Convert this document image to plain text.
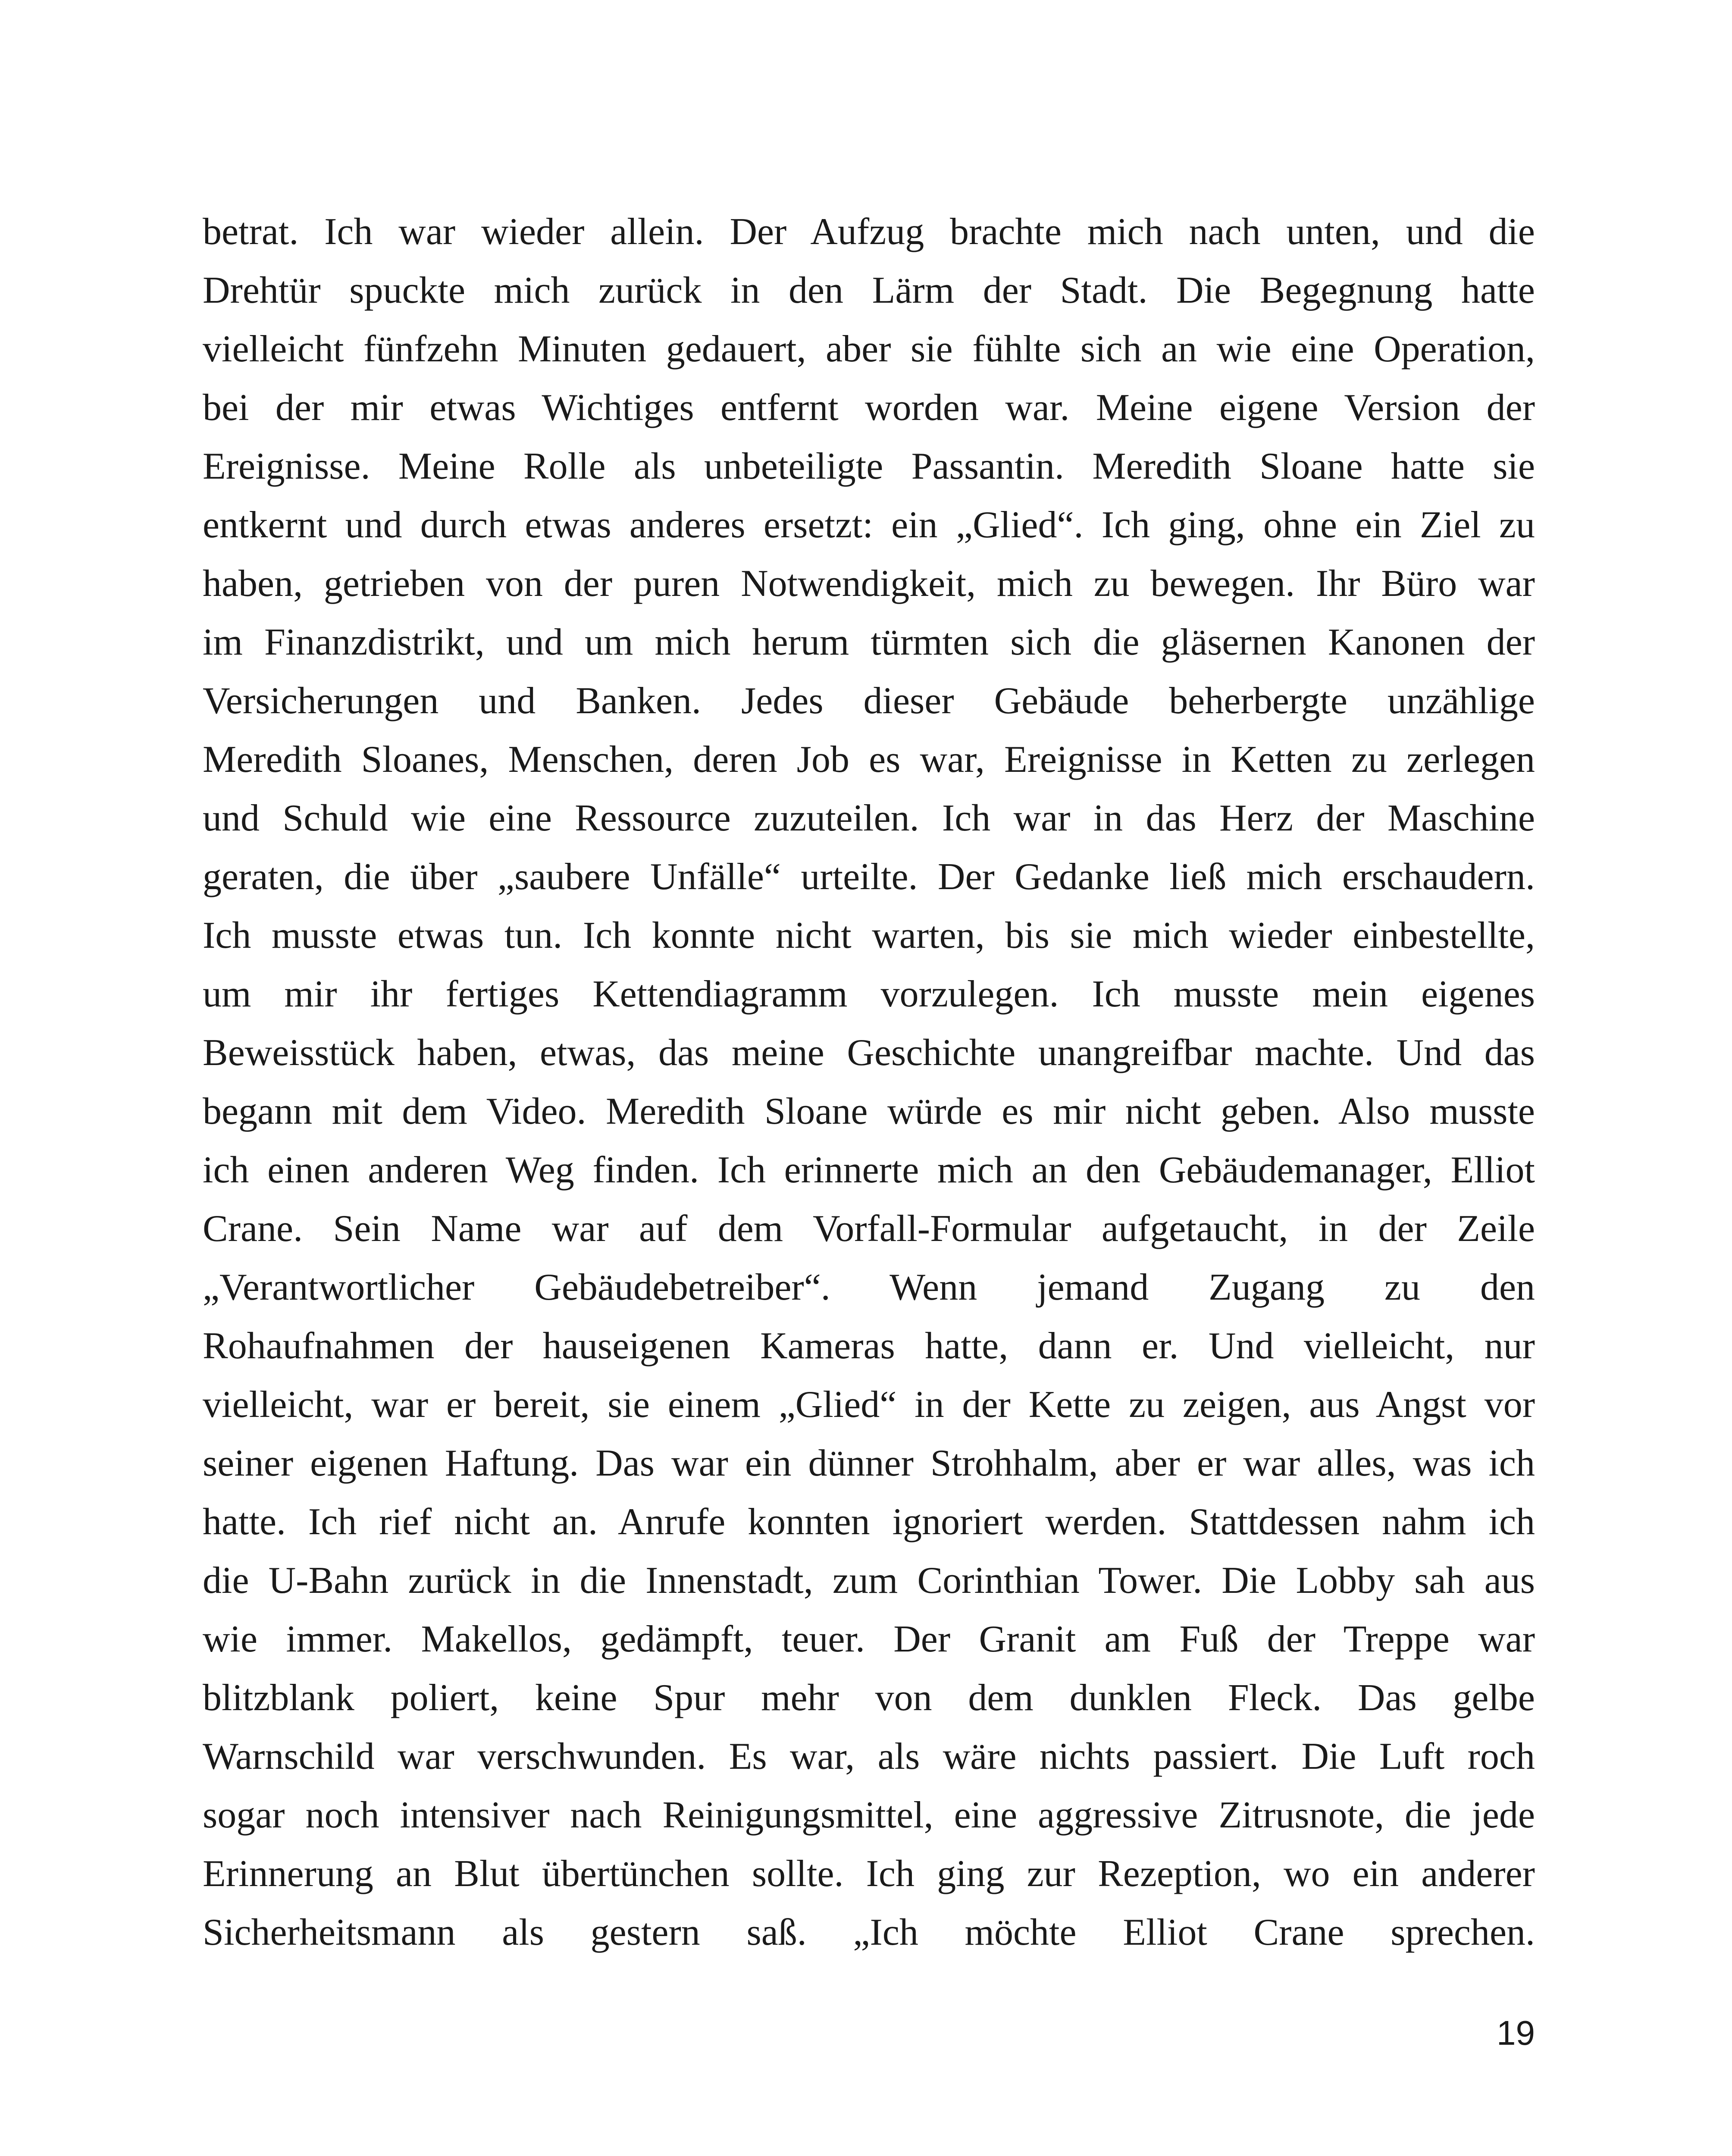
betrat. Ich war wieder allein. Der Aufzug brachte mich nach unten, und die
Drehtür spuckte mich zurück in den Lärm der Stadt. Die Begegnung hatte
vielleicht fünfzehn Minuten gedauert, aber sie fühlte sich an wie eine Operation,
bei der mir etwas Wichtiges entfernt worden war. Meine eigene Version der
Ereignisse. Meine Rolle als unbeteiligte Passantin. Meredith Sloane hatte sie
entkernt und durch etwas anderes ersetzt: ein „Glied“. Ich ging, ohne ein Ziel zu
haben, getrieben von der puren Notwendigkeit, mich zu bewegen. Ihr Büro war
im Finanzdistrikt, und um mich herum türmten sich die gläsernen Kanonen der
Versicherungen und Banken. Jedes dieser Gebäude beherbergte unzählige
Meredith Sloanes, Menschen, deren Job es war, Ereignisse in Ketten zu zerlegen
und Schuld wie eine Ressource zuzuteilen. Ich war in das Herz der Maschine
geraten, die über „saubere Unfälle“ urteilte. Der Gedanke ließ mich erschaudern.
Ich musste etwas tun. Ich konnte nicht warten, bis sie mich wieder einbestellte,
um mir ihr fertiges Kettendiagramm vorzulegen. Ich musste mein eigenes
Beweisstück haben, etwas, das meine Geschichte unangreifbar machte. Und das
begann mit dem Video. Meredith Sloane würde es mir nicht geben. Also musste
ich einen anderen Weg finden. Ich erinnerte mich an den Gebäudemanager, Elliot
Crane. Sein Name war auf dem Vorfall-Formular aufgetaucht, in der Zeile
„Verantwortlicher Gebäudebetreiber“. Wenn jemand Zugang zu den
Rohaufnahmen der hauseigenen Kameras hatte, dann er. Und vielleicht, nur
vielleicht, war er bereit, sie einem „Glied“ in der Kette zu zeigen, aus Angst vor
seiner eigenen Haftung. Das war ein dünner Strohhalm, aber er war alles, was ich
hatte. Ich rief nicht an. Anrufe konnten ignoriert werden. Stattdessen nahm ich
die U-Bahn zurück in die Innenstadt, zum Corinthian Tower. Die Lobby sah aus
wie immer. Makellos, gedämpft, teuer. Der Granit am Fuß der Treppe war
blitzblank poliert, keine Spur mehr von dem dunklen Fleck. Das gelbe
Warnschild war verschwunden. Es war, als wäre nichts passiert. Die Luft roch
sogar noch intensiver nach Reinigungsmittel, eine aggressive Zitrusnote, die jede
Erinnerung an Blut übertünchen sollte. Ich ging zur Rezeption, wo ein anderer
Sicherheitsmann als gestern saß. „Ich möchte Elliot Crane sprechen.
19
